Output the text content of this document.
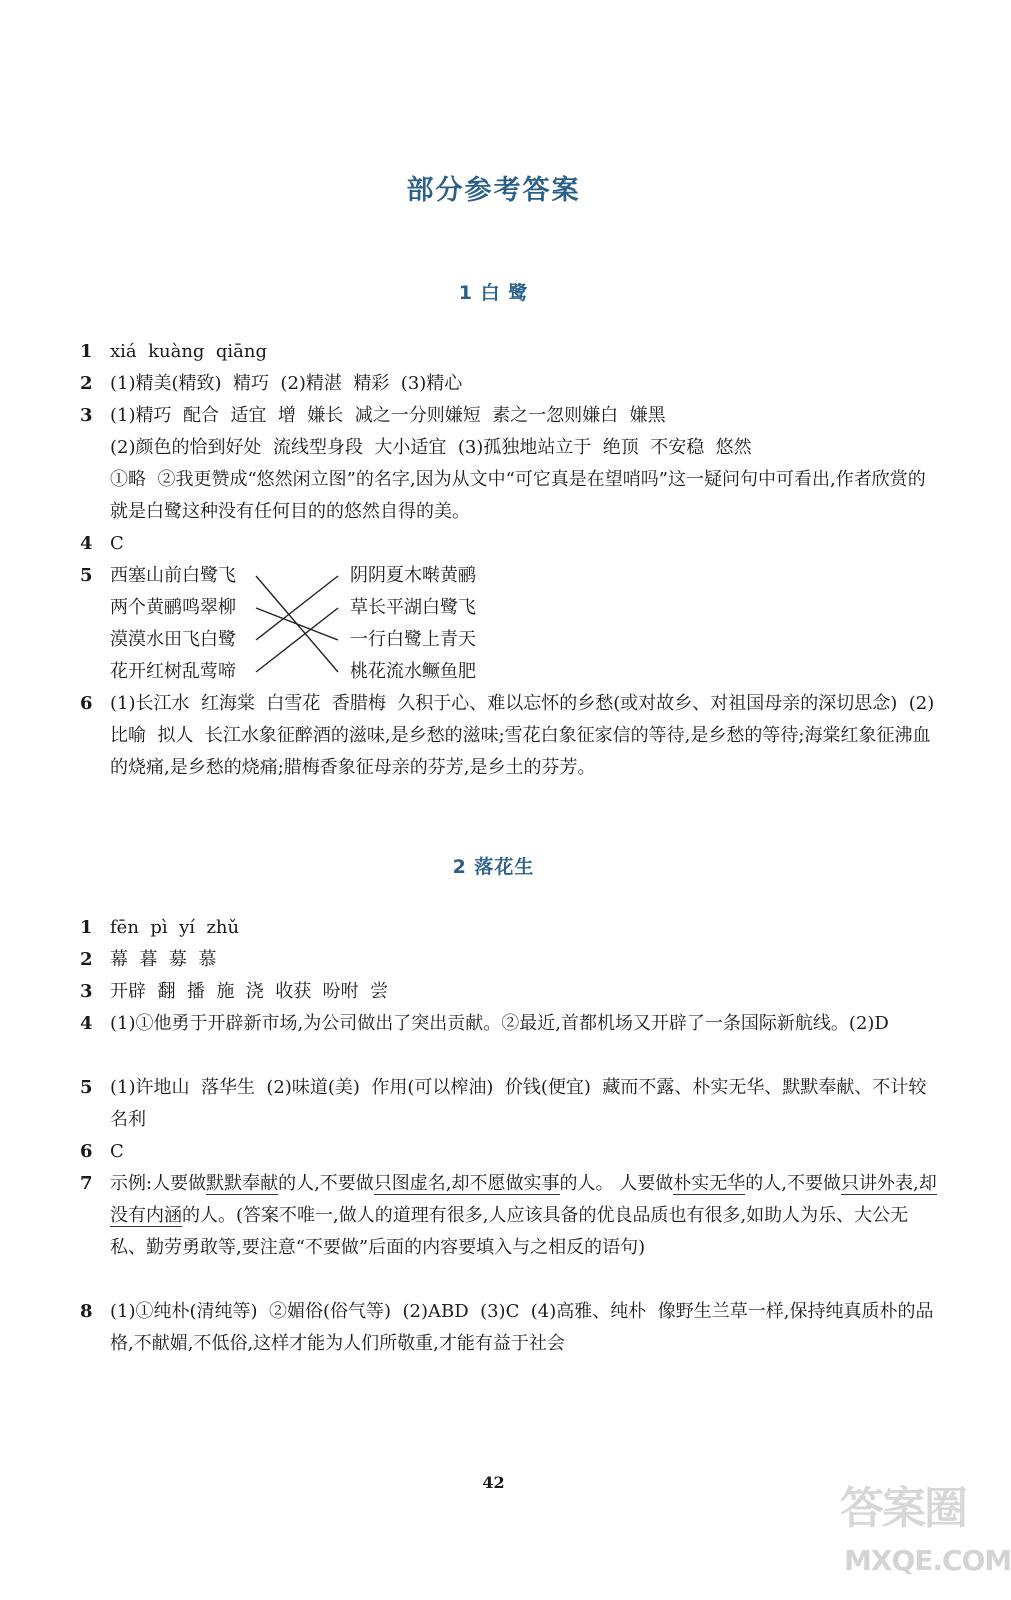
部分参考答案
1 白 鹭
1 xiá  kuàng  qiāng

2 (1)精美(精致)  精巧  (2)精湛  精彩  (3)精心

3 (1)精巧  配合  适宜  增  嫌长  减之一分则嫌短  素之一忽则嫌白  嫌黑

(2)颜色的恰到好处  流线型身段  大小适宜  (3)孤独地站立于  绝顶  不安稳  悠然

①略  ②我更赞成“悠然闲立图”的名字,因为从文中“可它真是在望哨吗”这一疑问句中可看出,作者欣赏的就是白鹭这种没有任何目的的悠然自得的美。

4 C

5 西塞山前白鹭飞
两个黄鹂鸣翠柳
漠漠水田飞白鹭
花开红树乱莺啼
阴阴夏木啭黄鹂
草长平湖白鹭飞
一行白鹭上青天
桃花流水鳜鱼肥
6 (1)长江水  红海棠  白雪花  香腊梅  久积于心、难以忘怀的乡愁(或对故乡、对祖国母亲的深切思念)  (2)比喻  拟人  长江水象征醉酒的滋味,是乡愁的滋味;雪花白象征家信的等待,是乡愁的等待;海棠红象征沸血的烧痛,是乡愁的烧痛;腊梅香象征母亲的芬芳,是乡土的芬芳。

2 落花生
1 fēn  pì  yí  zhǔ

2 幕  暮  募  慕

3 开辟  翻  播  施  浇  收获  吩咐  尝

4 (1)①他勇于开辟新市场,为公司做出了突出贡献。②最近,首都机场又开辟了一条国际新航线。(2)D

5 (1)许地山  落华生  (2)味道(美)  作用(可以榨油)  价钱(便宜)  藏而不露、朴实无华、默默奉献、不计较名利

6 C

7 示例:人要做默默奉献的人,不要做只图虚名,却不愿做实事的人。 人要做朴实无华的人,不要做只讲外表,却没有内涵的人。(答案不唯一,做人的道理有很多,人应该具备的优良品质也有很多,如助人为乐、大公无私、勤劳勇敢等,要注意“不要做”后面的内容要填入与之相反的语句)

8 (1)①纯朴(清纯等)  ②媚俗(俗气等)  (2)ABD  (3)C  (4)高雅、纯朴  像野生兰草一样,保持纯真质朴的品格,不献媚,不低俗,这样才能为人们所敬重,才能有益于社会

42
答案圈
MXQE.COM
